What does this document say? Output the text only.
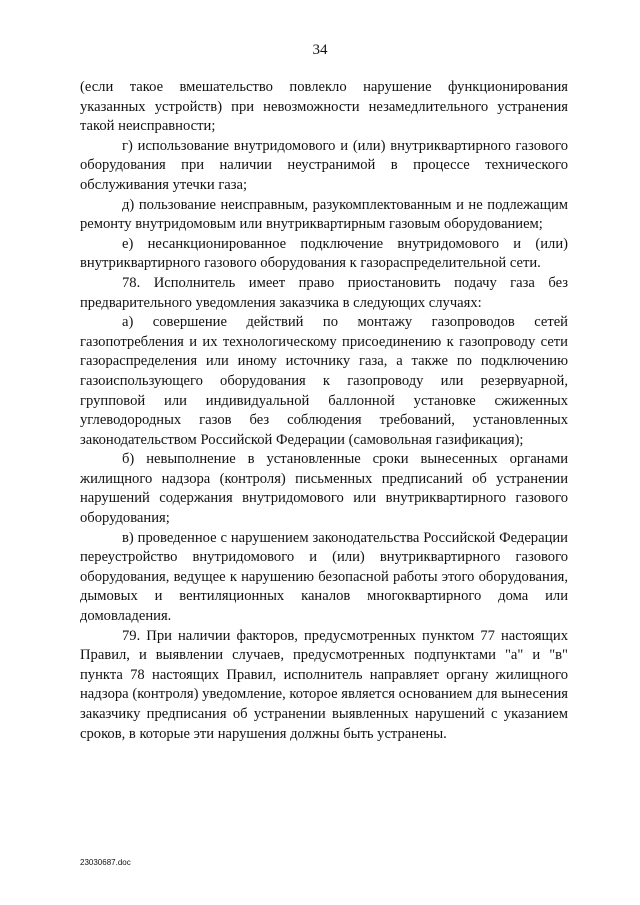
34

(если такое вмешательство повлекло нарушение функционирования указанных устройств) при невозможности незамедлительного устранения такой неисправности;

г) использование внутридомового и (или) внутриквартирного газового оборудования при наличии неустранимой в процессе технического обслуживания утечки газа;

д) пользование неисправным, разукомплектованным и не подлежащим ремонту внутридомовым или внутриквартирным газовым оборудованием;

е) несанкционированное подключение внутридомового и (или) внутриквартирного газового оборудования к газораспределительной сети.

78. Исполнитель имеет право приостановить подачу газа без предварительного уведомления заказчика в следующих случаях:

а) совершение действий по монтажу газопроводов сетей газопотребления и их технологическому присоединению к газопроводу сети газораспределения или иному источнику газа, а также по подключению газоиспользующего оборудования к газопроводу или резервуарной, групповой или индивидуальной баллонной установке сжиженных углеводородных газов без соблюдения требований, установленных законодательством Российской Федерации (самовольная газификация);

б) невыполнение в установленные сроки вынесенных органами жилищного надзора (контроля) письменных предписаний об устранении нарушений содержания внутридомового или внутриквартирного газового оборудования;

в) проведенное с нарушением законодательства Российской Федерации переустройство внутридомового и (или) внутриквартирного газового оборудования, ведущее к нарушению безопасной работы этого оборудования, дымовых и вентиляционных каналов многоквартирного дома или домовладения.

79. При наличии факторов, предусмотренных пунктом 77 настоящих Правил, и выявлении случаев, предусмотренных подпунктами "а" и "в" пункта 78 настоящих Правил, исполнитель направляет органу жилищного надзора (контроля) уведомление, которое является основанием для вынесения заказчику предписания об устранении выявленных нарушений с указанием сроков, в которые эти нарушения должны быть устранены.

23030687.doc
